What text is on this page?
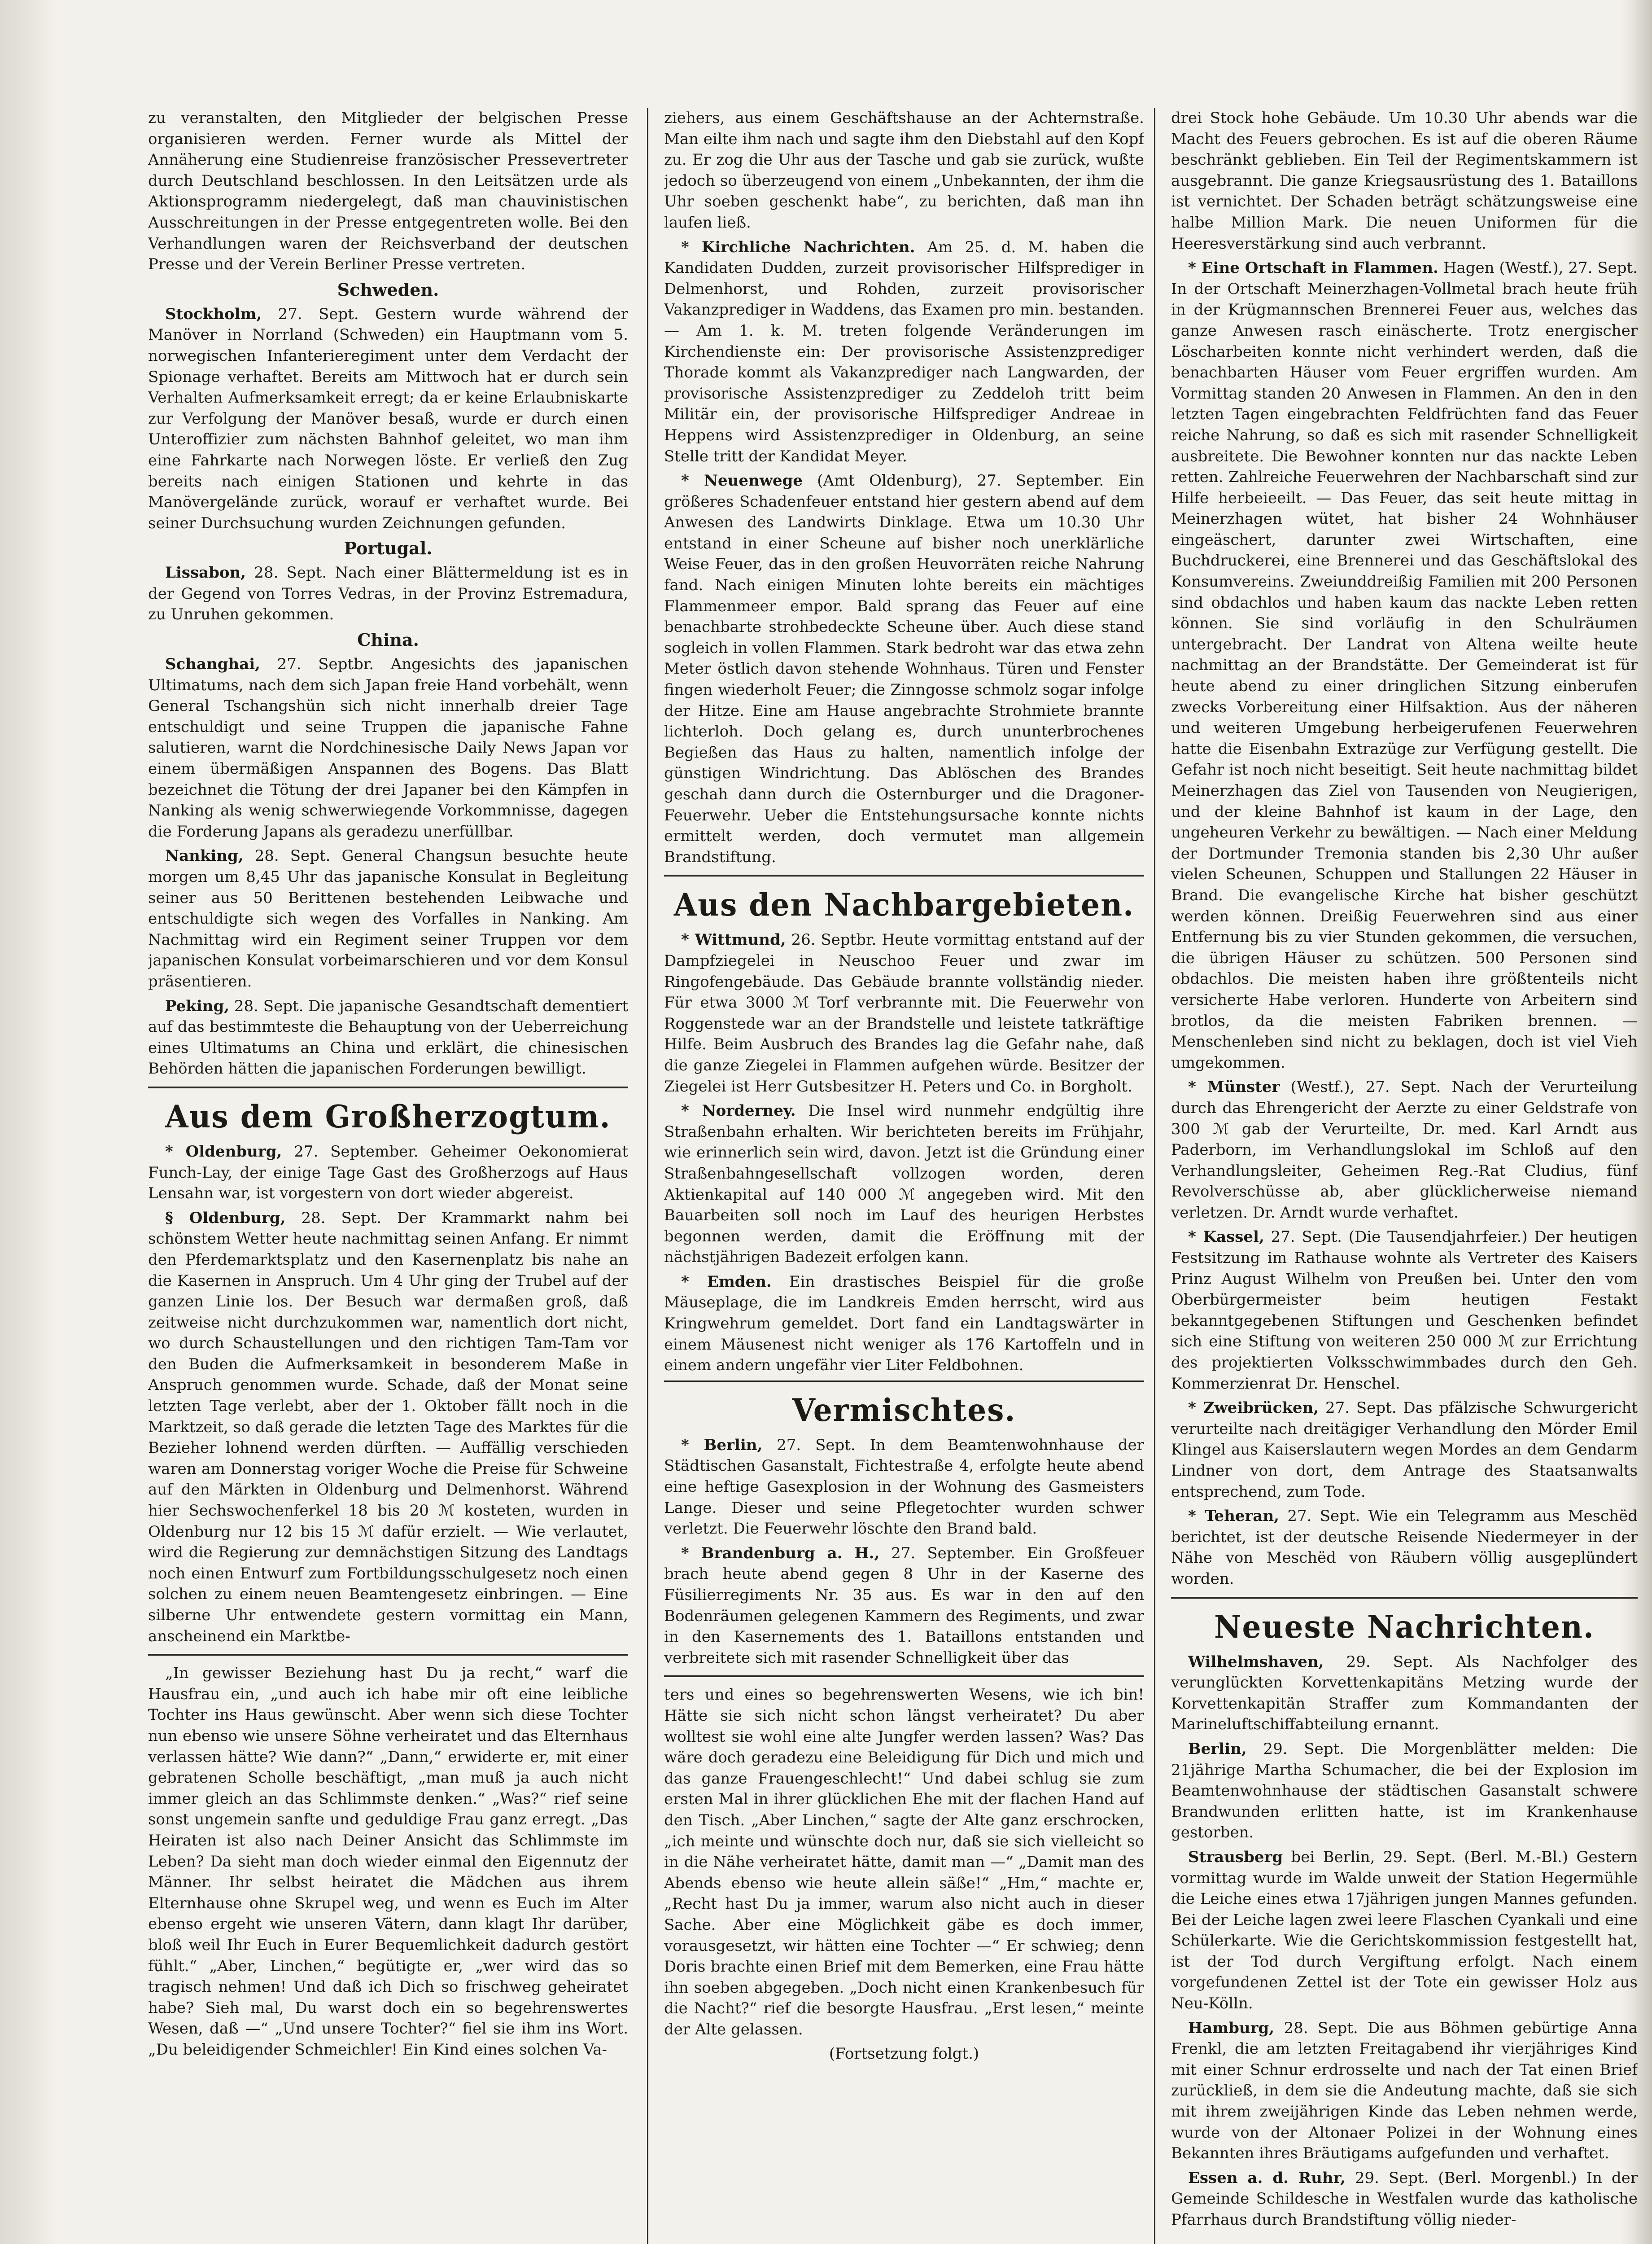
zu veranstalten, den Mitglieder der belgischen Presse organisieren werden. Ferner wurde als Mittel der Annäherung eine Studienreise französischer Pressevertreter durch Deutschland beschlossen. In den Leitsätzen urde als Aktionsprogramm niedergelegt, daß man chauvinistischen Ausschreitungen in der Presse entgegentreten wolle. Bei den Verhandlungen waren der Reichsverband der deutschen Presse und der Verein Berliner Presse vertreten.

Schweden.

Stockholm, 27. Sept. Gestern wurde während der Manöver in Norrland (Schweden) ein Hauptmann vom 5. norwegischen Infanterieregiment unter dem Verdacht der Spionage verhaftet. Bereits am Mittwoch hat er durch sein Verhalten Aufmerksamkeit erregt; da er keine Erlaubniskarte zur Verfolgung der Manöver besaß, wurde er durch einen Unteroffizier zum nächsten Bahnhof geleitet, wo man ihm eine Fahrkarte nach Norwegen löste. Er verließ den Zug bereits nach einigen Stationen und kehrte in das Manövergelände zurück, worauf er verhaftet wurde. Bei seiner Durchsuchung wurden Zeichnungen gefunden.

Portugal.

Lissabon, 28. Sept. Nach einer Blättermeldung ist es in der Gegend von Torres Vedras, in der Provinz Estremadura, zu Unruhen gekommen.

China.

Schanghai, 27. Septbr. Angesichts des japanischen Ultimatums, nach dem sich Japan freie Hand vorbehält, wenn General Tschangshün sich nicht innerhalb dreier Tage entschuldigt und seine Truppen die japanische Fahne salutieren, warnt die Nordchinesische Daily News Japan vor einem übermäßigen Anspannen des Bogens. Das Blatt bezeichnet die Tötung der drei Japaner bei den Kämpfen in Nanking als wenig schwerwiegende Vorkommnisse, dagegen die Forderung Japans als geradezu unerfüllbar.

Nanking, 28. Sept. General Changsun besuchte heute morgen um 8,45 Uhr das japanische Konsulat in Begleitung seiner aus 50 Berittenen bestehenden Leibwache und entschuldigte sich wegen des Vorfalles in Nanking. Am Nachmittag wird ein Regiment seiner Truppen vor dem japanischen Konsulat vorbeimarschieren und vor dem Konsul präsentieren.

Peking, 28. Sept. Die japanische Gesandtschaft dementiert auf das bestimmteste die Behauptung von der Ueberreichung eines Ultimatums an China und erklärt, die chinesischen Behörden hätten die japanischen Forderungen bewilligt.

Aus dem Großherzogtum.

* Oldenburg, 27. September. Geheimer Oekonomierat Funch-Lay, der einige Tage Gast des Großherzogs auf Haus Lensahn war, ist vorgestern von dort wieder abgereist.

§ Oldenburg, 28. Sept. Der Krammarkt nahm bei schönstem Wetter heute nachmittag seinen Anfang. Er nimmt den Pferdemarktsplatz und den Kasernenplatz bis nahe an die Kasernen in Anspruch. Um 4 Uhr ging der Trubel auf der ganzen Linie los. Der Besuch war dermaßen groß, daß zeitweise nicht durchzukommen war, namentlich dort nicht, wo durch Schaustellungen und den richtigen Tam-Tam vor den Buden die Aufmerksamkeit in besonderem Maße in Anspruch genommen wurde. Schade, daß der Monat seine letzten Tage verlebt, aber der 1. Oktober fällt noch in die Marktzeit, so daß gerade die letzten Tage des Marktes für die Bezieher lohnend werden dürften. — Auffällig verschieden waren am Donnerstag voriger Woche die Preise für Schweine auf den Märkten in Oldenburg und Delmenhorst. Während hier Sechswochenferkel 18 bis 20 ℳ kosteten, wurden in Oldenburg nur 12 bis 15 ℳ dafür erzielt. — Wie verlautet, wird die Regierung zur demnächstigen Sitzung des Landtags noch einen Entwurf zum Fortbildungsschulgesetz noch einen solchen zu einem neuen Beamtengesetz einbringen. — Eine silberne Uhr entwendete gestern vormittag ein Mann, anscheinend ein Marktbe-

„In gewisser Beziehung hast Du ja recht,“ warf die Hausfrau ein, „und auch ich habe mir oft eine leibliche Tochter ins Haus gewünscht. Aber wenn sich diese Tochter nun ebenso wie unsere Söhne verheiratet und das Elternhaus verlassen hätte? Wie dann?“ „Dann,“ erwiderte er, mit einer gebratenen Scholle beschäftigt, „man muß ja auch nicht immer gleich an das Schlimmste denken.“ „Was?“ rief seine sonst ungemein sanfte und geduldige Frau ganz erregt. „Das Heiraten ist also nach Deiner Ansicht das Schlimmste im Leben? Da sieht man doch wieder einmal den Eigennutz der Männer. Ihr selbst heiratet die Mädchen aus ihrem Elternhause ohne Skrupel weg, und wenn es Euch im Alter ebenso ergeht wie unseren Vätern, dann klagt Ihr darüber, bloß weil Ihr Euch in Eurer Bequemlichkeit dadurch gestört fühlt.“ „Aber, Linchen,“ begütigte er, „wer wird das so tragisch nehmen! Und daß ich Dich so frischweg geheiratet habe? Sieh mal, Du warst doch ein so begehrenswertes Wesen, daß —“ „Und unsere Tochter?“ fiel sie ihm ins Wort. „Du beleidigender Schmeichler! Ein Kind eines solchen Va-

ziehers, aus einem Geschäftshause an der Achternstraße. Man eilte ihm nach und sagte ihm den Diebstahl auf den Kopf zu. Er zog die Uhr aus der Tasche und gab sie zurück, wußte jedoch so überzeugend von einem „Unbekannten, der ihm die Uhr soeben geschenkt habe“, zu berichten, daß man ihn laufen ließ.

* Kirchliche Nachrichten. Am 25. d. M. haben die Kandidaten Dudden, zurzeit provisorischer Hilfsprediger in Delmenhorst, und Rohden, zurzeit provisorischer Vakanzprediger in Waddens, das Examen pro min. bestanden. — Am 1. k. M. treten folgende Veränderungen im Kirchendienste ein: Der provisorische Assistenzprediger Thorade kommt als Vakanzprediger nach Langwarden, der provisorische Assistenzprediger zu Zeddeloh tritt beim Militär ein, der provisorische Hilfsprediger Andreae in Heppens wird Assistenzprediger in Oldenburg, an seine Stelle tritt der Kandidat Meyer.

* Neuenwege (Amt Oldenburg), 27. September. Ein größeres Schadenfeuer entstand hier gestern abend auf dem Anwesen des Landwirts Dinklage. Etwa um 10.30 Uhr entstand in einer Scheune auf bisher noch unerklärliche Weise Feuer, das in den großen Heuvorräten reiche Nahrung fand. Nach einigen Minuten lohte bereits ein mächtiges Flammenmeer empor. Bald sprang das Feuer auf eine benachbarte strohbedeckte Scheune über. Auch diese stand sogleich in vollen Flammen. Stark bedroht war das etwa zehn Meter östlich davon stehende Wohnhaus. Türen und Fenster fingen wiederholt Feuer; die Zinngosse schmolz sogar infolge der Hitze. Eine am Hause angebrachte Strohmiete brannte lichterloh. Doch gelang es, durch ununterbrochenes Begießen das Haus zu halten, namentlich infolge der günstigen Windrichtung. Das Ablöschen des Brandes geschah dann durch die Osternburger und die Dragoner-Feuerwehr. Ueber die Entstehungsursache konnte nichts ermittelt werden, doch vermutet man allgemein Brandstiftung.

Aus den Nachbargebieten.

* Wittmund, 26. Septbr. Heute vormittag entstand auf der Dampfziegelei in Neuschoo Feuer und zwar im Ringofengebäude. Das Gebäude brannte vollständig nieder. Für etwa 3000 ℳ Torf verbrannte mit. Die Feuerwehr von Roggenstede war an der Brandstelle und leistete tatkräftige Hilfe. Beim Ausbruch des Brandes lag die Gefahr nahe, daß die ganze Ziegelei in Flammen aufgehen würde. Besitzer der Ziegelei ist Herr Gutsbesitzer H. Peters und Co. in Borgholt.

* Norderney. Die Insel wird nunmehr endgültig ihre Straßenbahn erhalten. Wir berichteten bereits im Frühjahr, wie erinnerlich sein wird, davon. Jetzt ist die Gründung einer Straßenbahngesellschaft vollzogen worden, deren Aktienkapital auf 140 000 ℳ angegeben wird. Mit den Bauarbeiten soll noch im Lauf des heurigen Herbstes begonnen werden, damit die Eröffnung mit der nächstjährigen Badezeit erfolgen kann.

* Emden. Ein drastisches Beispiel für die große Mäuseplage, die im Landkreis Emden herrscht, wird aus Kringwehrum gemeldet. Dort fand ein Landtagswärter in einem Mäusenest nicht weniger als 176 Kartoffeln und in einem andern ungefähr vier Liter Feldbohnen.

Vermischtes.

* Berlin, 27. Sept. In dem Beamtenwohnhause der Städtischen Gasanstalt, Fichtestraße 4, erfolgte heute abend eine heftige Gasexplosion in der Wohnung des Gasmeisters Lange. Dieser und seine Pflegetochter wurden schwer verletzt. Die Feuerwehr löschte den Brand bald.

* Brandenburg a. H., 27. September. Ein Großfeuer brach heute abend gegen 8 Uhr in der Kaserne des Füsilierregiments Nr. 35 aus. Es war in den auf den Bodenräumen gelegenen Kammern des Regiments, und zwar in den Kasernements des 1. Bataillons entstanden und verbreitete sich mit rasender Schnelligkeit über das

ters und eines so begehrenswerten Wesens, wie ich bin! Hätte sie sich nicht schon längst verheiratet? Du aber wolltest sie wohl eine alte Jungfer werden lassen? Was? Das wäre doch geradezu eine Beleidigung für Dich und mich und das ganze Frauengeschlecht!“ Und dabei schlug sie zum ersten Mal in ihrer glücklichen Ehe mit der flachen Hand auf den Tisch. „Aber Linchen,“ sagte der Alte ganz erschrocken, „ich meinte und wünschte doch nur, daß sie sich vielleicht so in die Nähe verheiratet hätte, damit man —“ „Damit man des Abends ebenso wie heute allein säße!“ „Hm,“ machte er, „Recht hast Du ja immer, warum also nicht auch in dieser Sache. Aber eine Möglichkeit gäbe es doch immer, vorausgesetzt, wir hätten eine Tochter —“ Er schwieg; denn Doris brachte einen Brief mit dem Bemerken, eine Frau hätte ihn soeben abgegeben. „Doch nicht einen Krankenbesuch für die Nacht?“ rief die besorgte Hausfrau. „Erst lesen,“ meinte der Alte gelassen.

(Fortsetzung folgt.)

drei Stock hohe Gebäude. Um 10.30 Uhr abends war die Macht des Feuers gebrochen. Es ist auf die oberen Räume beschränkt geblieben. Ein Teil der Regimentskammern ist ausgebrannt. Die ganze Kriegsausrüstung des 1. Bataillons ist vernichtet. Der Schaden beträgt schätzungsweise eine halbe Million Mark. Die neuen Uniformen für die Heeresverstärkung sind auch verbrannt.

* Eine Ortschaft in Flammen. Hagen (Westf.), 27. Sept. In der Ortschaft Meinerzhagen-Vollmetal brach heute früh in der Krügmannschen Brennerei Feuer aus, welches das ganze Anwesen rasch einäscherte. Trotz energischer Löscharbeiten konnte nicht verhindert werden, daß die benachbarten Häuser vom Feuer ergriffen wurden. Am Vormittag standen 20 Anwesen in Flammen. An den in den letzten Tagen eingebrachten Feldfrüchten fand das Feuer reiche Nahrung, so daß es sich mit rasender Schnelligkeit ausbreitete. Die Bewohner konnten nur das nackte Leben retten. Zahlreiche Feuerwehren der Nachbarschaft sind zur Hilfe herbeieeilt. — Das Feuer, das seit heute mittag in Meinerzhagen wütet, hat bisher 24 Wohnhäuser eingeäschert, darunter zwei Wirtschaften, eine Buchdruckerei, eine Brennerei und das Geschäftslokal des Konsumvereins. Zweiunddreißig Familien mit 200 Personen sind obdachlos und haben kaum das nackte Leben retten können. Sie sind vorläufig in den Schulräumen untergebracht. Der Landrat von Altena weilte heute nachmittag an der Brandstätte. Der Gemeinderat ist für heute abend zu einer dringlichen Sitzung einberufen zwecks Vorbereitung einer Hilfsaktion. Aus der näheren und weiteren Umgebung herbeigerufenen Feuerwehren hatte die Eisenbahn Extrazüge zur Verfügung gestellt. Die Gefahr ist noch nicht beseitigt. Seit heute nachmittag bildet Meinerzhagen das Ziel von Tausenden von Neugierigen, und der kleine Bahnhof ist kaum in der Lage, den ungeheuren Verkehr zu bewältigen. — Nach einer Meldung der Dortmunder Tremonia standen bis 2,30 Uhr außer vielen Scheunen, Schuppen und Stallungen 22 Häuser in Brand. Die evangelische Kirche hat bisher geschützt werden können. Dreißig Feuerwehren sind aus einer Entfernung bis zu vier Stunden gekommen, die versuchen, die übrigen Häuser zu schützen. 500 Personen sind obdachlos. Die meisten haben ihre größtenteils nicht versicherte Habe verloren. Hunderte von Arbeitern sind brotlos, da die meisten Fabriken brennen. — Menschenleben sind nicht zu beklagen, doch ist viel Vieh umgekommen.

* Münster (Westf.), 27. Sept. Nach der Verurteilung durch das Ehrengericht der Aerzte zu einer Geldstrafe von 300 ℳ gab der Verurteilte, Dr. med. Karl Arndt aus Paderborn, im Verhandlungslokal im Schloß auf den Verhandlungsleiter, Geheimen Reg.-Rat Cludius, fünf Revolverschüsse ab, aber glücklicherweise niemand verletzen. Dr. Arndt wurde verhaftet.

* Kassel, 27. Sept. (Die Tausendjahrfeier.) Der heutigen Festsitzung im Rathause wohnte als Vertreter des Kaisers Prinz August Wilhelm von Preußen bei. Unter den vom Oberbürgermeister beim heutigen Festakt bekanntgegebenen Stiftungen und Geschenken befindet sich eine Stiftung von weiteren 250 000 ℳ zur Errichtung des projektierten Volksschwimmbades durch den Geh. Kommerzienrat Dr. Henschel.

* Zweibrücken, 27. Sept. Das pfälzische Schwurgericht verurteilte nach dreitägiger Verhandlung den Mörder Emil Klingel aus Kaiserslautern wegen Mordes an dem Gendarm Lindner von dort, dem Antrage des Staatsanwalts entsprechend, zum Tode.

* Teheran, 27. Sept. Wie ein Telegramm aus Meschëd berichtet, ist der deutsche Reisende Niedermeyer in der Nähe von Meschëd von Räubern völlig ausgeplündert worden.

Neueste Nachrichten.

Wilhelmshaven, 29. Sept. Als Nachfolger des verunglückten Korvettenkapitäns Metzing wurde der Korvettenkapitän Straffer zum Kommandanten der Marineluftschiffabteilung ernannt.

Berlin, 29. Sept. Die Morgenblätter melden: Die 21jährige Martha Schumacher, die bei der Explosion im Beamtenwohnhause der städtischen Gasanstalt schwere Brandwunden erlitten hatte, ist im Krankenhause gestorben.

Strausberg bei Berlin, 29. Sept. (Berl. M.-Bl.) Gestern vormittag wurde im Walde unweit der Station Hegermühle die Leiche eines etwa 17jährigen jungen Mannes gefunden. Bei der Leiche lagen zwei leere Flaschen Cyankali und eine Schülerkarte. Wie die Gerichtskommission festgestellt hat, ist der Tod durch Vergiftung erfolgt. Nach einem vorgefundenen Zettel ist der Tote ein gewisser Holz aus Neu-Kölln.

Hamburg, 28. Sept. Die aus Böhmen gebürtige Anna Frenkl, die am letzten Freitagabend ihr vierjähriges Kind mit einer Schnur erdrosselte und nach der Tat einen Brief zurückließ, in dem sie die Andeutung machte, daß sie sich mit ihrem zweijährigen Kinde das Leben nehmen werde, wurde von der Altonaer Polizei in der Wohnung eines Bekannten ihres Bräutigams aufgefunden und verhaftet.

Essen a. d. Ruhr, 29. Sept. (Berl. Morgenbl.) In der Gemeinde Schildesche in Westfalen wurde das katholische Pfarrhaus durch Brandstiftung völlig nieder-
